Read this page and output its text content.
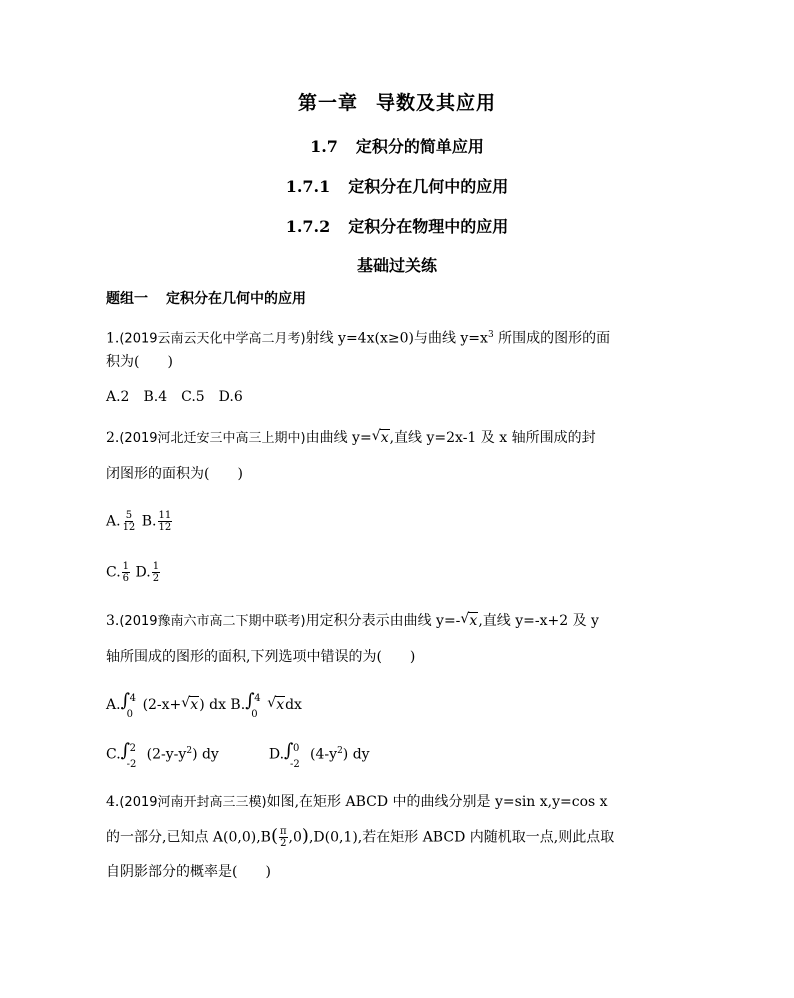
第一章 导数及其应用
1.7 定积分的简单应用
1.7.1 定积分在几何中的应用
1.7.2 定积分在物理中的应用
基础过关练
题组一 定积分在几何中的应用
1.(2019云南云天化中学高二月考)射线 y=4x(x≥0)与曲线 $y=x^3$ 所围成的图形的面
积为(　　)
A.2　B.4　C.5　D.6
2.(2019河北迁安三中高三上期中)由曲线 y= √ x,直线 y=2x-1 及 x 轴所围成的封
闭图形的面积为(　　)
A. $\frac{5}{12} B$. $\frac{11}{12}$
C. $\frac{1}{6} D$. $\frac{1}{2}$
3.(2019豫南六市高二下期中联考)用定积分表示由曲线 y=- √ x,直线 y=-x+2 及 y
轴所围成的图形的面积,下列选项中错误的为(　　)
A. ∫ 4
0
(2-x+ √ x) dx B. ∫ 4
0
√ xdx
C. ∫ 2
-2
$(2-y-y^2)$ dy	D. ∫ 0
-2
$(4-y^2)$ dy
4.(2019河南开封高三三模)如图,在矩形 ABCD 中的曲线分别是 y=sin x,y=cos x
的一部分,已知点 $A(0,0),B( \frac{\pi}{2} ,0),D(0,1)$,若在矩形 ABCD 内随机取一点,则此点取
自阴影部分的概率是(　　)
